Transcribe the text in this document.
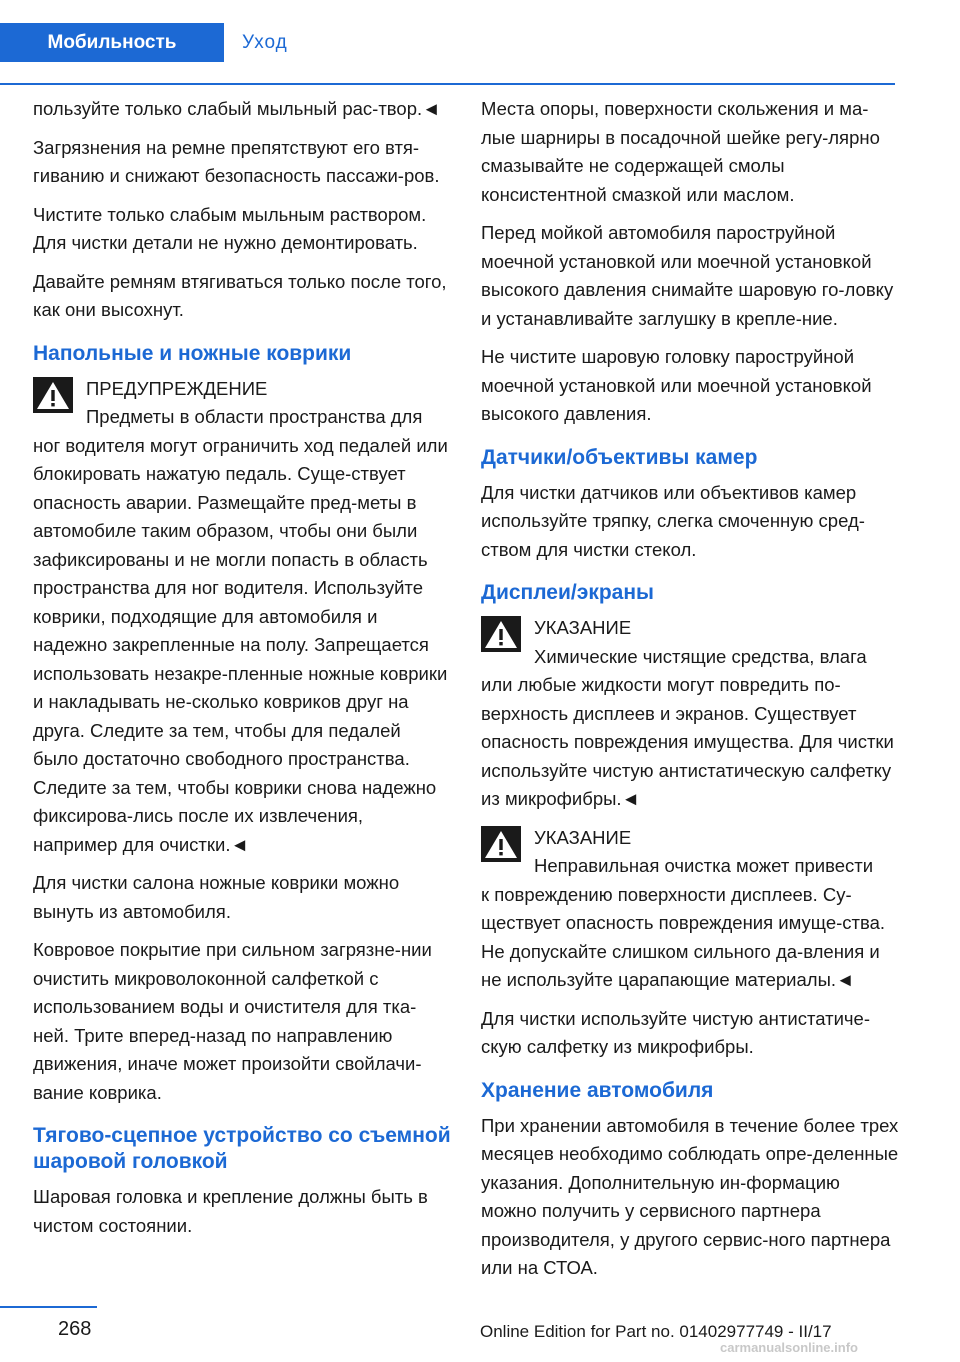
Мобильность	Уход

пользуйте только слабый мыльный рас-твор.◄

Загрязнения на ремне препятствуют его втя-гиванию и снижают безопасность пассажи-ров.

Чистите только слабым мыльным раствором. Для чистки детали не нужно демонтировать.

Давайте ремням втягиваться только после того, как они высохнут.

Напольные и ножные коврики
ПРЕДУПРЕЖДЕНИЕ
Предметы в области пространства для
ног водителя могут ограничить ход педалей или блокировать нажатую педаль. Суще-ствует опасность аварии. Размещайте пред-меты в автомобиле таким образом, чтобы они были зафиксированы и не могли попасть в область пространства для ног водителя. Используйте коврики, подходящие для автомобиля и надежно закрепленные на полу. Запрещается использовать незакре-пленные ножные коврики и накладывать не-сколько ковриков друг на друга. Следите за тем, чтобы для педалей было достаточно свободного пространства. Следите за тем, чтобы коврики снова надежно фиксирова-лись после их извлечения, например для очистки.◄

Для чистки салона ножные коврики можно вынуть из автомобиля.

Ковровое покрытие при сильном загрязне-нии очистить микроволоконной салфеткой с использованием воды и очистителя для тка-ней. Трите вперед-назад по направлению движения, иначе может произойти свойлачи-вание коврика.

Тягово-сцепное устройство со съемной шаровой головкой

Шаровая головка и крепление должны быть в чистом состоянии.

Места опоры, поверхности скольжения и ма-лые шарниры в посадочной шейке регу-лярно смазывайте не содержащей смолы консистентной смазкой или маслом.

Перед мойкой автомобиля пароструйной моечной установкой или моечной установкой высокого давления снимайте шаровую го-ловку и устанавливайте заглушку в крепле-ние.

Не чистите шаровую головку пароструйной моечной установкой или моечной установкой высокого давления.

Датчики/объективы камер

Для чистки датчиков или объективов камер используйте тряпку, слегка смоченную сред-ством для чистки стекол.

Дисплеи/экраны
УКАЗАНИЕ
Химические чистящие средства, влага
или любые жидкости могут повредить по-верхность дисплеев и экранов. Существует опасность повреждения имущества. Для чистки используйте чистую антистатическую салфетку из микрофибры.◄
УКАЗАНИЕ
Неправильная очистка может привести
к повреждению поверхности дисплеев. Су-ществует опасность повреждения имуще-ства. Не допускайте слишком сильного да-вления и не используйте царапающие материалы.◄

Для чистки используйте чистую антистатиче-скую салфетку из микрофибры.

Хранение автомобиля

При хранении автомобиля в течение более трех месяцев необходимо соблюдать опре-деленные указания. Дополнительную ин-формацию можно получить у сервисного партнера производителя, у другого сервис-ного партнера или на СТОА.

268	Online Edition for Part no. 01402977749 - II/17
carmanualsonline.info
